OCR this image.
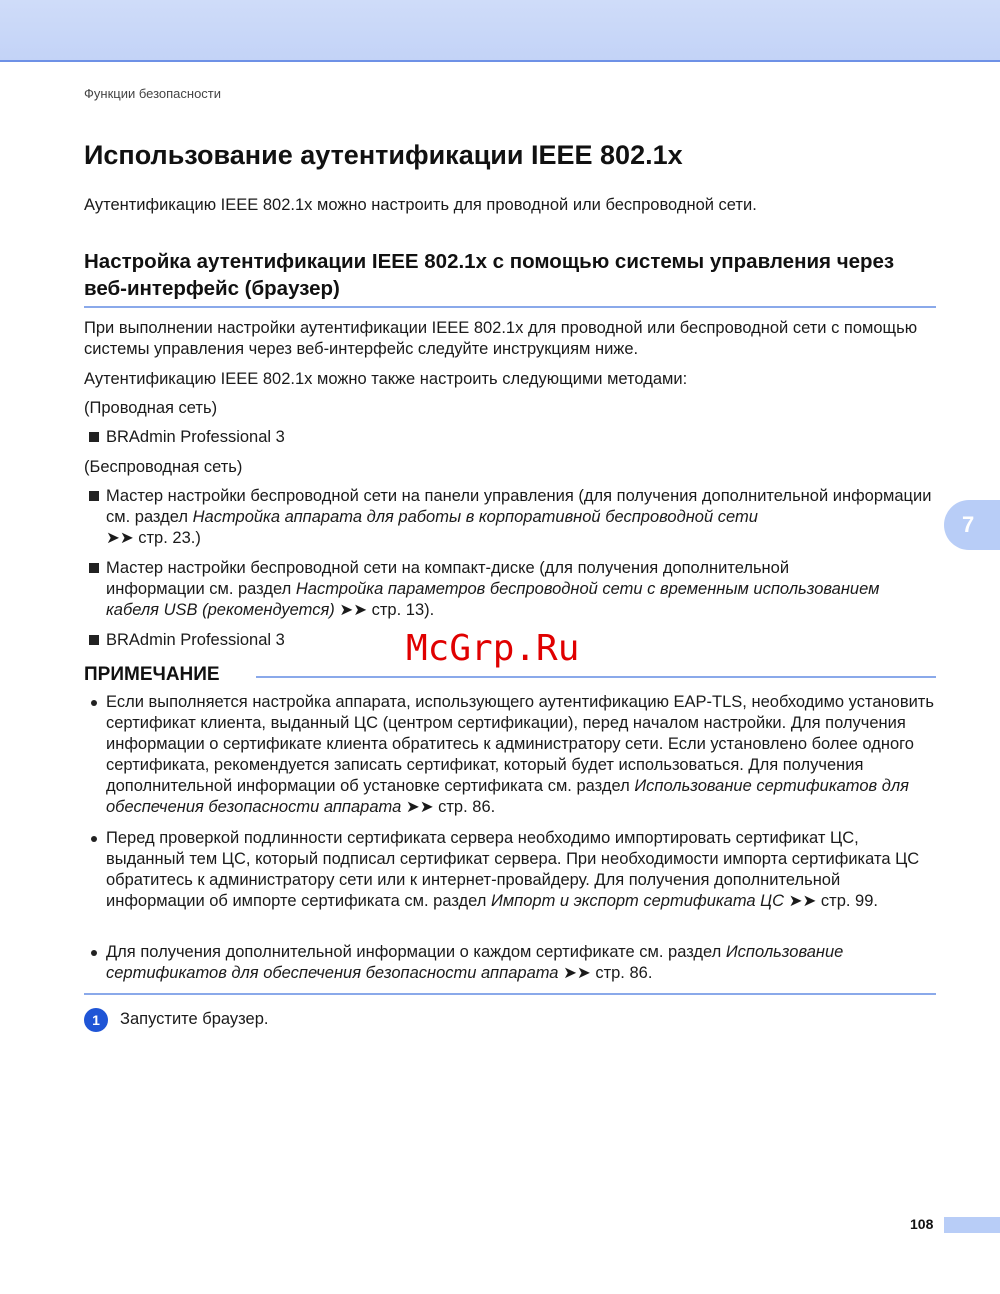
Функции безопасности
Использование аутентификации IEEE 802.1x

Аутентификацию IEEE 802.1x можно настроить для проводной или беспроводной сети.

Настройка аутентификации IEEE 802.1x с помощью системы управления через веб-интерфейс (браузер)

При выполнении настройки аутентификации IEEE 802.1x для проводной или беспроводной сети с помощью системы управления через веб-интерфейс следуйте инструкциям ниже.

Аутентификацию IEEE 802.1x можно также настроить следующими методами:

(Проводная сеть)

BRAdmin Professional 3

(Беспроводная сеть)

Мастер настройки беспроводной сети на панели управления (для получения дополнительной информации см. раздел Настройка аппарата для работы в корпоративной беспроводной сети
➤➤ стр. 23.)
Мастер настройки беспроводной сети на компакт-диске (для получения дополнительной информации см. раздел Настройка параметров беспроводной сети с временным использованием кабеля USB (рекомендуется) ➤➤ стр. 13).
BRAdmin Professional 3	McGrp.Ru
ПРИМЕЧАНИЕ
Если выполняется настройка аппарата, использующего аутентификацию EAP-TLS, необходимо установить сертификат клиента, выданный ЦС (центром сертификации), перед началом настройки. Для получения информации о сертификате клиента обратитесь к администратору сети. Если установлено более одного сертификата, рекомендуется записать сертификат, который будет использоваться. Для получения дополнительной информации об установке сертификата см. раздел Использование сертификатов для обеспечения безопасности аппарата ➤➤ стр. 86.
Перед проверкой подлинности сертификата сервера необходимо импортировать сертификат ЦС, выданный тем ЦС, который подписал сертификат сервера. При необходимости импорта сертификата ЦС обратитесь к администратору сети или к интернет-провайдеру. Для получения дополнительной информации об импорте сертификата см. раздел Импорт и экспорт сертификата ЦС ➤➤ стр. 99.
Для получения дополнительной информации о каждом сертификате см. раздел Использование сертификатов для обеспечения безопасности аппарата ➤➤ стр. 86.
1	Запустите браузер.
7
108
